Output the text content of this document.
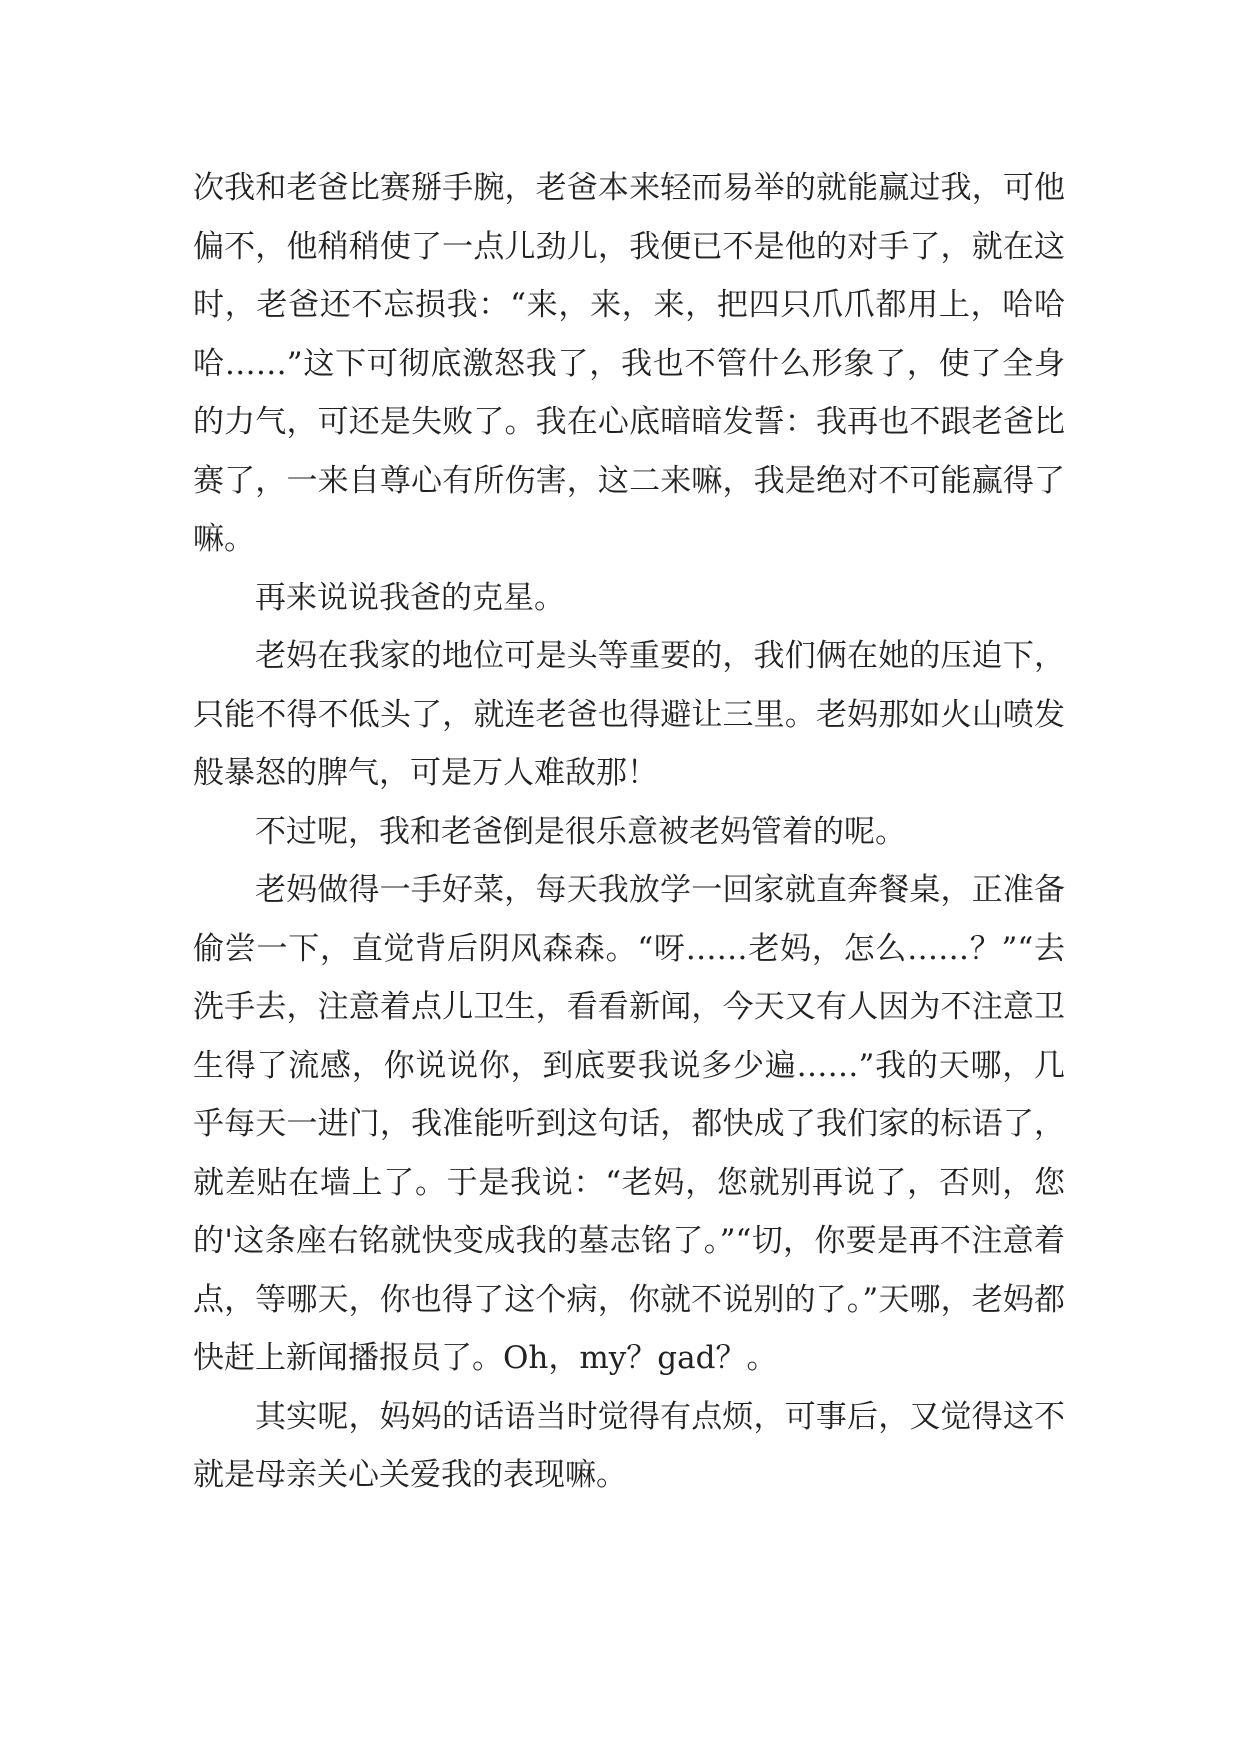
次我和老爸比赛掰手腕，老爸本来轻而易举的就能赢过我，可他偏不，他稍稍使了一点儿劲儿，我便已不是他的对手了，就在这时，老爸还不忘损我：“来，来，来，把四只爪爪都用上，哈哈哈……”这下可彻底激怒我了，我也不管什么形象了，使了全身的力气，可还是失败了。我在心底暗暗发誓：我再也不跟老爸比赛了，一来自尊心有所伤害，这二来嘛，我是绝对不可能赢得了嘛。

再来说说我爸的克星。

老妈在我家的地位可是头等重要的，我们俩在她的压迫下，只能不得不低头了，就连老爸也得避让三里。老妈那如火山喷发般暴怒的脾气，可是万人难敌那！

不过呢，我和老爸倒是很乐意被老妈管着的呢。

老妈做得一手好菜，每天我放学一回家就直奔餐桌，正准备偷尝一下，直觉背后阴风森森。“呀……老妈，怎么……？”“去洗手去，注意着点儿卫生，看看新闻，今天又有人因为不注意卫生得了流感，你说说你，到底要我说多少遍……”我的天哪，几乎每天一进门，我准能听到这句话，都快成了我们家的标语了，就差贴在墙上了。于是我说：“老妈，您就别再说了，否则，您的'这条座右铭就快变成我的墓志铭了。”“切，你要是再不注意着点，等哪天，你也得了这个病，你就不说别的了。”天哪，老妈都快赶上新闻播报员了。Oh，my？gad？。

其实呢，妈妈的话语当时觉得有点烦，可事后，又觉得这不就是母亲关心关爱我的表现嘛。
